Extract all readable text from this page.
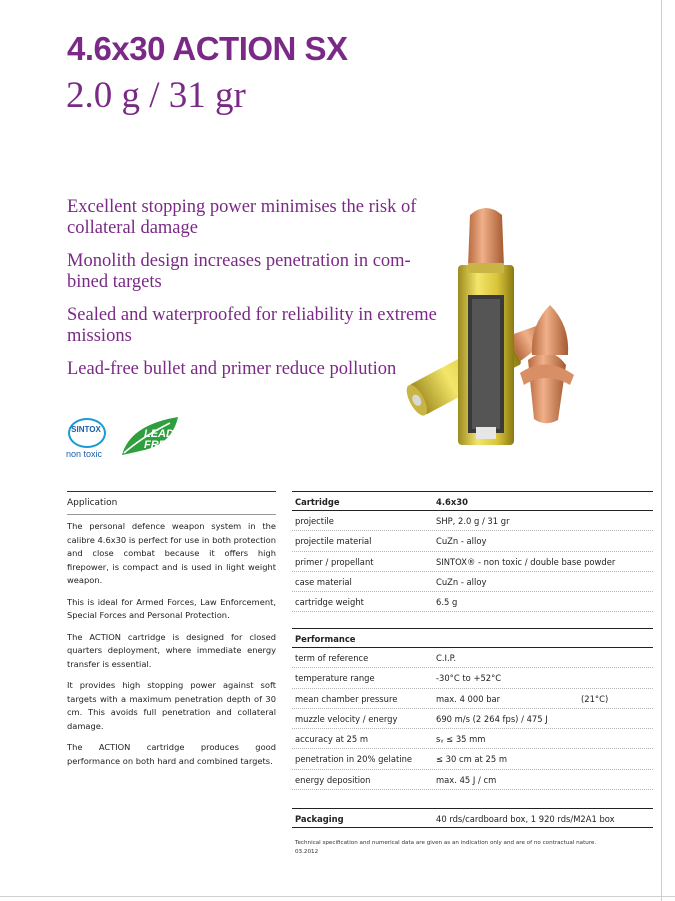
4.6x30 ACTION SX
2.0 g / 31 gr
Excellent stopping power minimises the risk of collateral damage
Monolith design increases penetration in com-bined targets
Sealed and waterproofed for reliability in extreme missions
Lead-free bullet and primer reduce pollution
SINTOX
non toxic
LEAD
FREE
Application

The personal defence weapon system in the calibre 4.6x30 is perfect for use in both protection and close combat because it offers high firepower, is compact and is used in light weight weapon.

This is ideal for Armed Forces, Law Enforcement, Special Forces and Personal Protection.

The ACTION cartridge is designed for closed quarters deployment, where immediate energy transfer is essential.

It provides high stopping power against soft targets with a maximum penetration depth of 30 cm. This avoids full penetration and collateral damage.

The ACTION cartridge produces good performance on both hard and combined targets.

Cartridge	4.6x30
projectile	SHP, 2.0 g / 31 gr
projectile material	CuZn - alloy
primer / propellant	SINTOX® - non toxic / double base powder
case material	CuZn - alloy
cartridge weight	6.5 g
Performance
term of reference	C.I.P.
temperature range	-30°C to +52°C
mean chamber pressure	max. 4 000 bar	(21°C)
muzzle velocity / energy	690 m/s (2 264 fps) / 475 J
accuracy at 25 m	sᵧ ≤ 35 mm
penetration in 20% gelatine	≤ 30 cm at 25 m
energy deposition	max. 45 J / cm
Packaging	40 rds/cardboard box, 1 920 rds/M2A1 box
Technical specification and numerical data are given as an indication only and are of no contractual nature.
03.2012
